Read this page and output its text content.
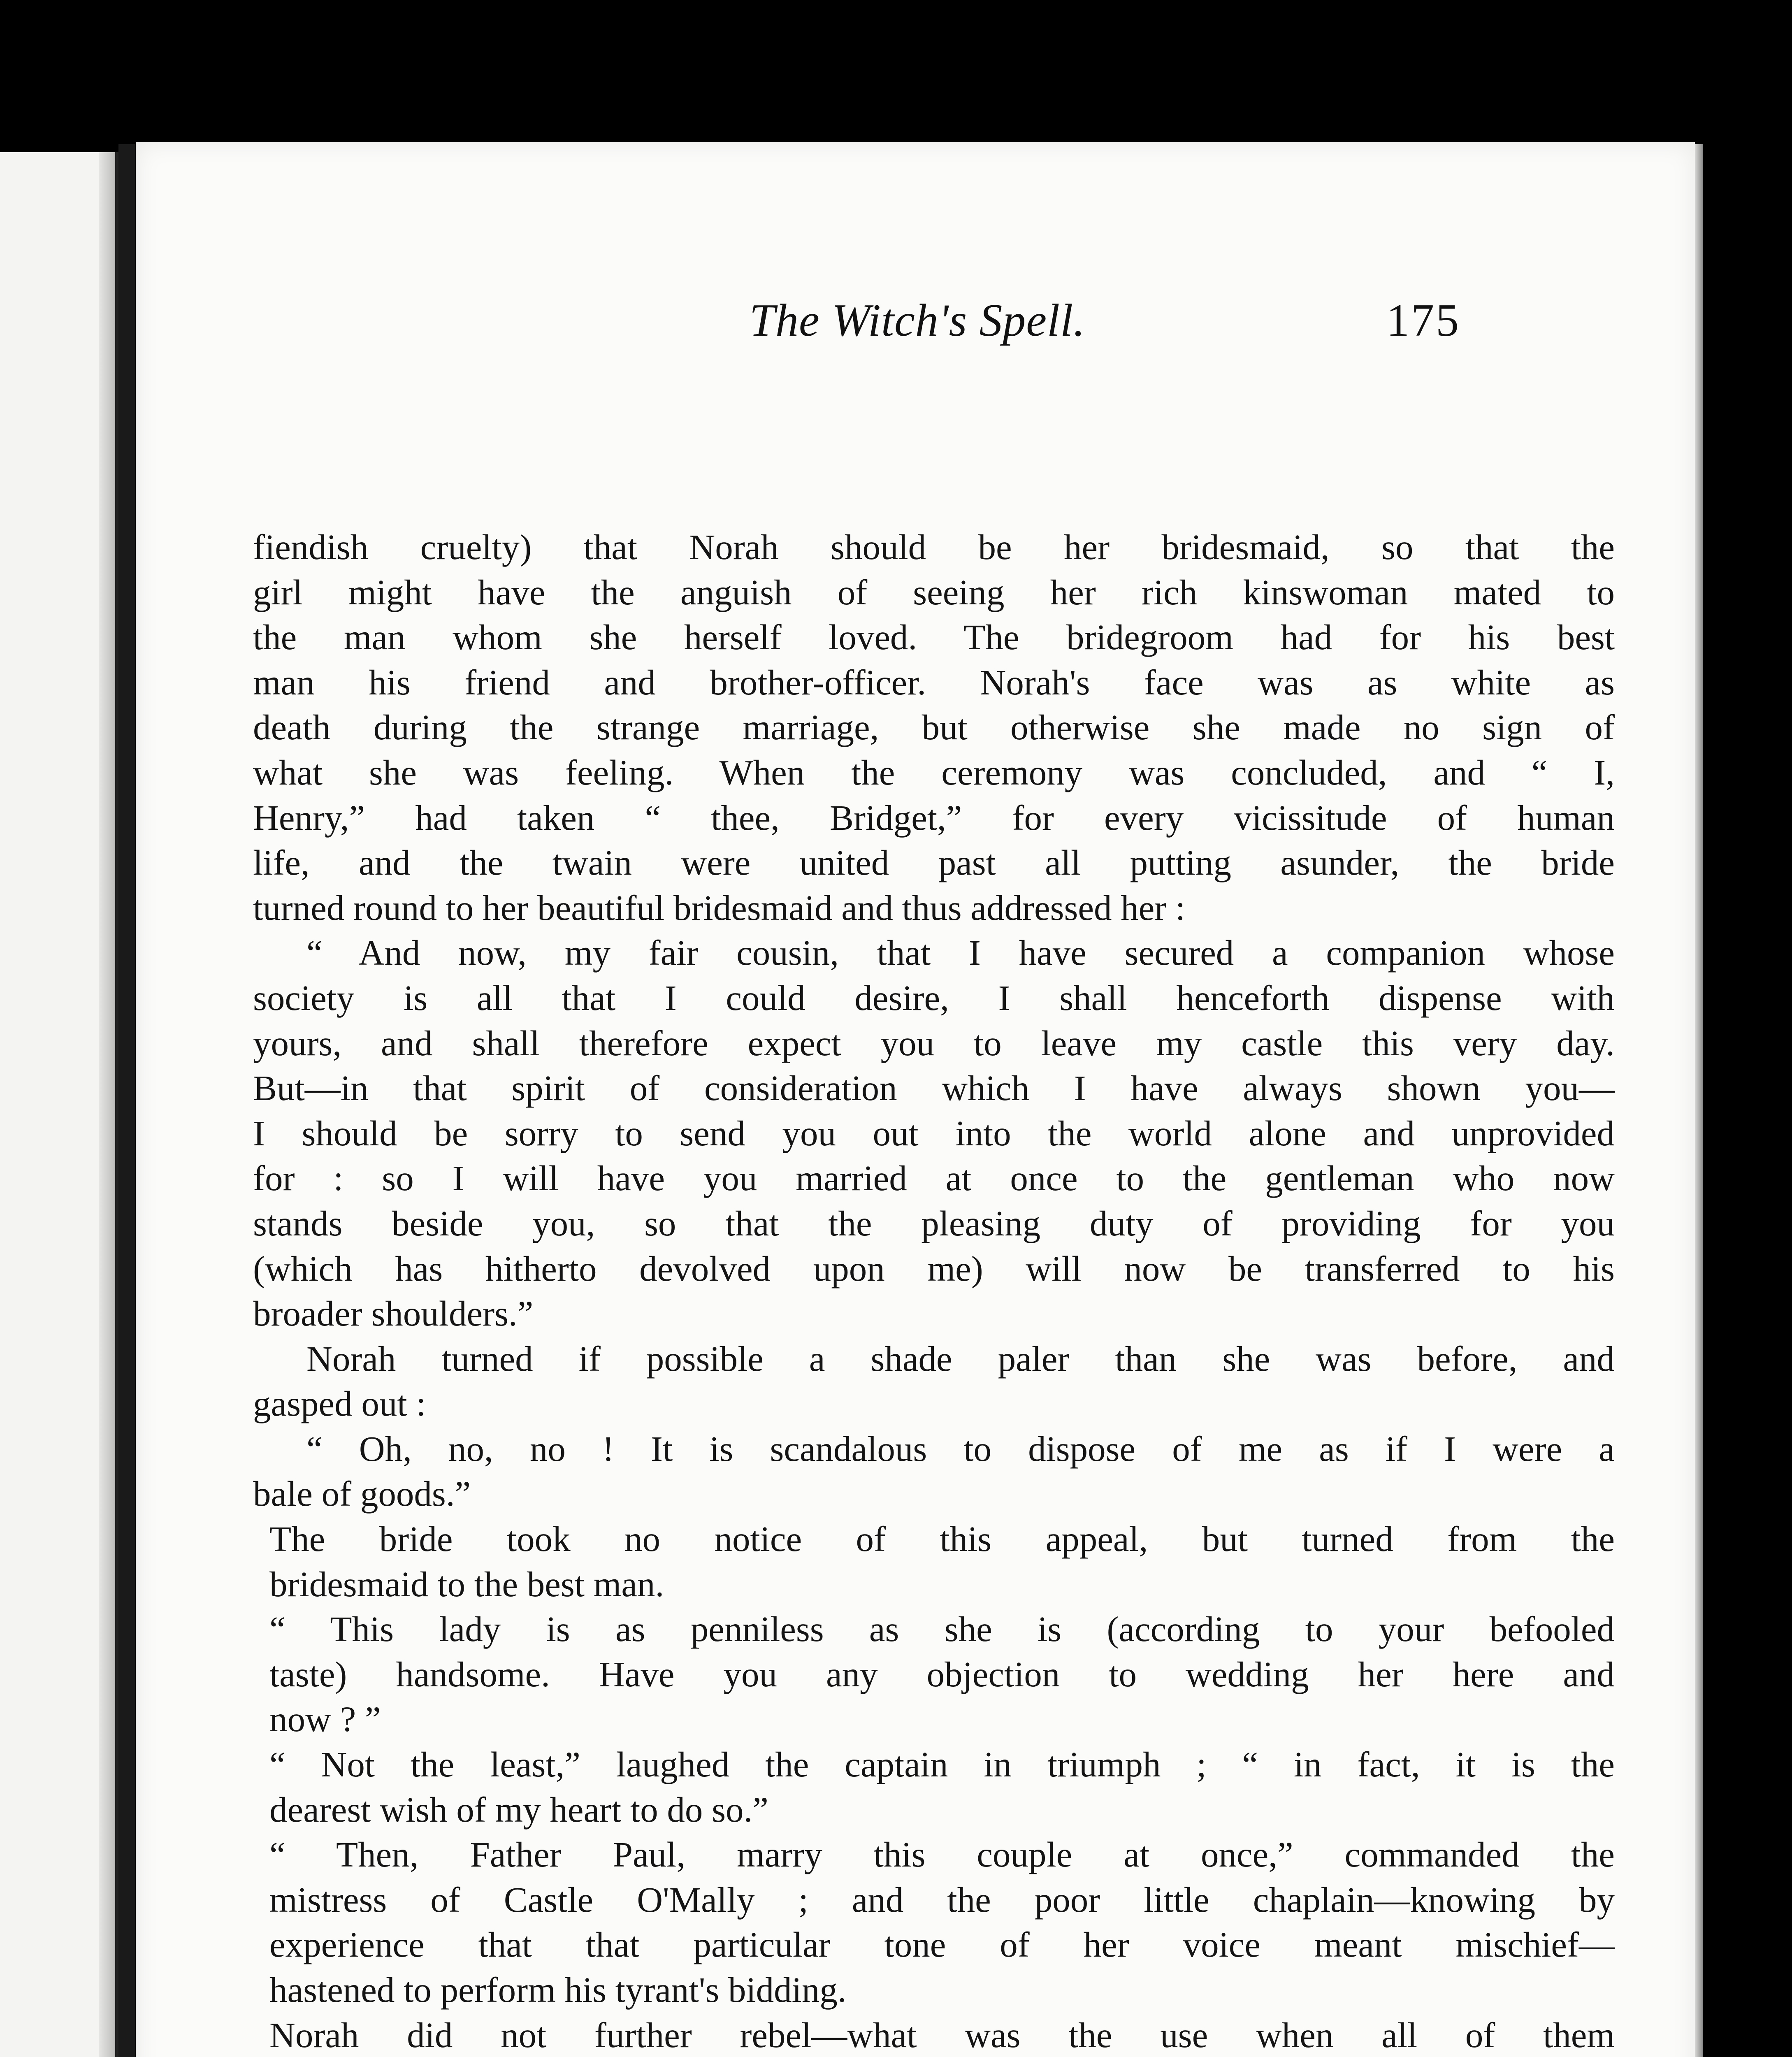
The Witch's Spell.	175
fiendish cruelty) that Norah should be her bridesmaid, so that the
girl might have the anguish of seeing her rich kinswoman mated to
the man whom she herself loved. The bridegroom had for his best
man his friend and brother-officer. Norah's face was as white as
death during the strange marriage, but otherwise she made no sign of
what she was feeling. When the ceremony was concluded, and “ I,
Henry,” had taken “ thee, Bridget,” for every vicissitude of human
life, and the twain were united past all putting asunder, the bride
turned round to her beautiful bridesmaid and thus addressed her :
“ And now, my fair cousin, that I have secured a companion whose
society is all that I could desire, I shall henceforth dispense with
yours, and shall therefore expect you to leave my castle this very day.
But—in that spirit of consideration which I have always shown you—
I should be sorry to send you out into the world alone and unprovided
for : so I will have you married at once to the gentleman who now
stands beside you, so that the pleasing duty of providing for you
(which has hitherto devolved upon me) will now be transferred to his
broader shoulders.”
Norah turned if possible a shade paler than she was before, and
gasped out :
“ Oh, no, no ! It is scandalous to dispose of me as if I were a
bale of goods.”
The bride took no notice of this appeal, but turned from the
bridesmaid to the best man.
“ This lady is as penniless as she is (according to your befooled
taste) handsome. Have you any objection to wedding her here and
now ? ”
“ Not the least,” laughed the captain in triumph ; “ in fact, it is the
dearest wish of my heart to do so.”
“ Then, Father Paul, marry this couple at once,” commanded the
mistress of Castle O'Mally ; and the poor little chaplain—knowing by
experience that that particular tone of her voice meant mischief—
hastened to perform his tyrant's bidding.
Norah did not further rebel—what was the use when all of them
